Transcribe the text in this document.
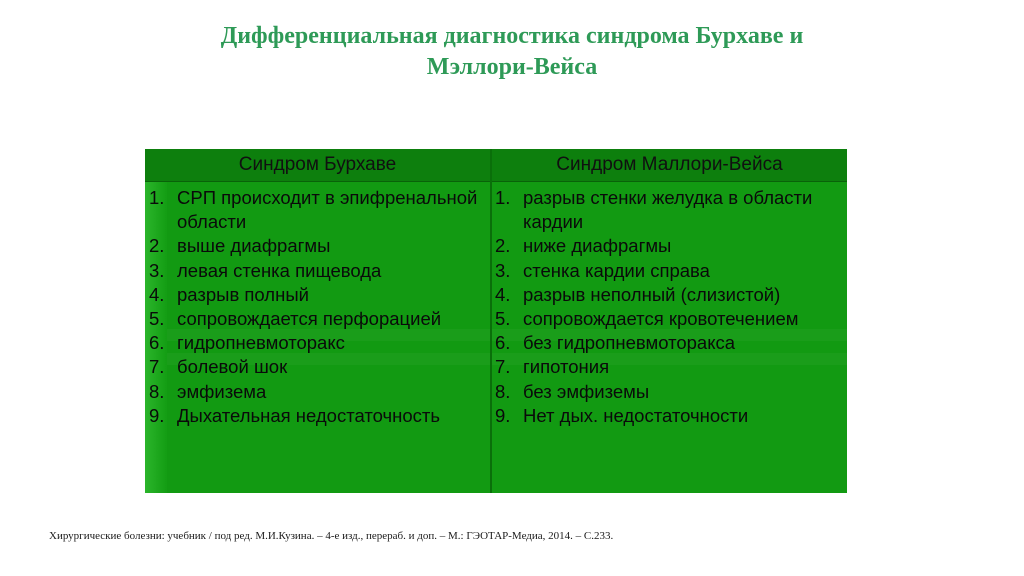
Дифференциальная диагностика синдрома Бурхаве и
Мэллори-Вейса
Синдром Бурхаве	Синдром Маллори-Вейса
1. СРП происходит в эпифренальной области
2. выше диафрагмы
3. левая стенка пищевода
4. разрыв полный
5. сопровождается перфорацией
6. гидропневмоторакс
7. болевой шок
8. эмфизема
9. Дыхательная недостаточность
1. разрыв стенки желудка в области кардии
2. ниже диафрагмы
3. стенка кардии справа
4. разрыв неполный (слизистой)
5. сопровождается кровотечением
6. без гидропневмоторакса
7. гипотония
8. без эмфиземы
9. Нет дых. недостаточности
Хирургические болезни: учебник / под ред. М.И.Кузина. – 4-е изд., перераб. и доп. – М.: ГЭОТАР-Медиа, 2014. – С.233.
